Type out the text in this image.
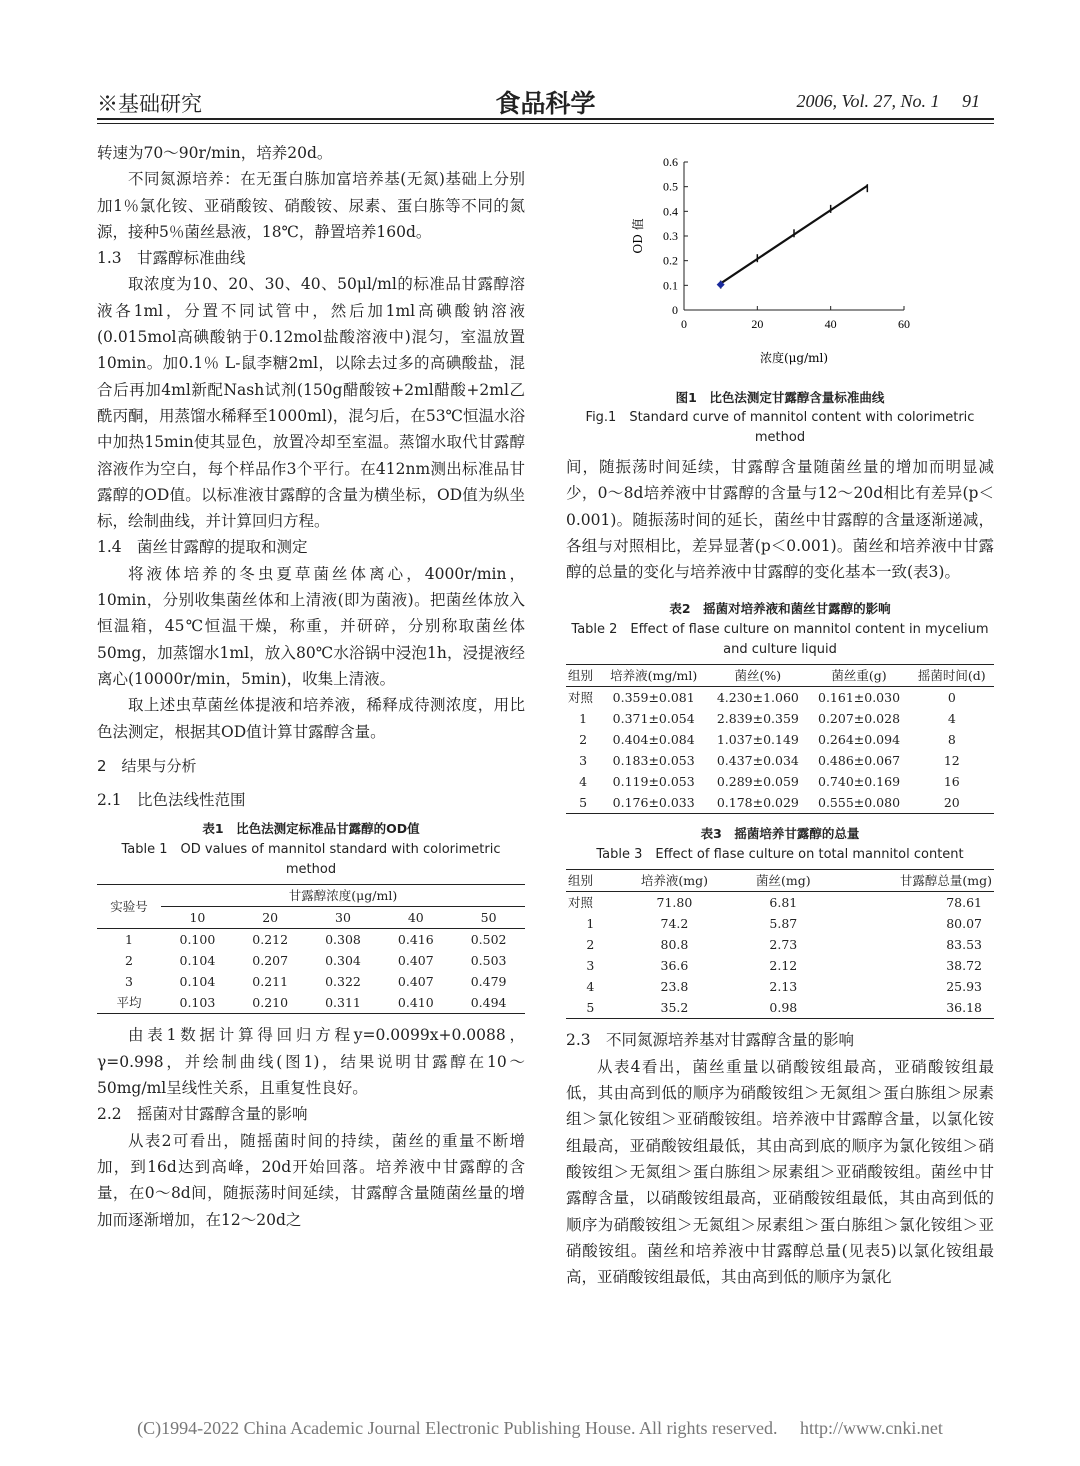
※基础研究	食品科学	2006, Vol. 27, No. 1 91

转速为70～90r/min，培养20d。

不同氮源培养：在无蛋白胨加富培养基(无氮)基础上分别加1％氯化铵、亚硝酸铵、硝酸铵、尿素、蛋白胨等不同的氮源，接种5％菌丝悬液，18℃，静置培养160d。

1.3 甘露醇标准曲线

取浓度为10、20、30、40、50μl/ml的标准品甘露醇溶液各1ml，分置不同试管中，然后加1ml高碘酸钠溶液(0.015mol高碘酸钠于0.12mol盐酸溶液中)混匀，室温放置10min。加0.1％ L-鼠李糖2ml，以除去过多的高碘酸盐，混合后再加4ml新配Nash试剂(150g醋酸铵+2ml醋酸+2ml乙酰丙酮，用蒸馏水稀释至1000ml)，混匀后，在53℃恒温水浴中加热15min使其显色，放置冷却至室温。蒸馏水取代甘露醇溶液作为空白，每个样品作3个平行。在412nm测出标准品甘露醇的OD值。以标准液甘露醇的含量为横坐标，OD值为纵坐标，绘制曲线，并计算回归方程。

1.4 菌丝甘露醇的提取和测定

将液体培养的冬虫夏草菌丝体离心，4000r/min，10min，分别收集菌丝体和上清液(即为菌液)。把菌丝体放入恒温箱，45℃恒温干燥，称重，并研碎，分别称取菌丝体50mg，加蒸馏水1ml，放入80℃水浴锅中浸泡1h，浸提液经离心(10000r/min，5min)，收集上清液。

取上述虫草菌丝体提液和培养液，稀释成待测浓度，用比色法测定，根据其OD值计算甘露醇含量。

2　结果与分析

2.1 比色法线性范围

表1　比色法测定标准品甘露醇的OD值
Table 1　OD values of mannitol standard with colorimetric method
实验号	甘露醇浓度(μg/ml)				
	10	20	30	40	50
1	0.100	0.212	0.308	0.416	0.502
2	0.104	0.207	0.304	0.407	0.503
3	0.104	0.211	0.322	0.407	0.479
平均	0.103	0.210	0.311	0.410	0.494

由表1数据计算得回归方程y=0.0099x+0.0088，γ=0.998，并绘制曲线(图1)，结果说明甘露醇在10～50mg/ml呈线性关系，且重复性良好。

2.2 摇菌对甘露醇含量的影响

从表2可看出，随摇菌时间的持续，菌丝的重量不断增加，到16d达到高峰，20d开始回落。培养液中甘露醇的含量，在0～8d间，随振荡时间延续，甘露醇含量随菌丝量的增加而逐渐增加，在12～20d之

0
0.1
0.2
0.3
0.4
0.5
0.6
0	20	40	60
浓度(μg/ml)
OD 值
图1　比色法测定甘露醇含量标准曲线
Fig.1　Standard curve of mannitol content with colorimetric method

间，随振荡时间延续，甘露醇含量随菌丝量的增加而明显减少，0～8d培养液中甘露醇的含量与12～20d相比有差异(p＜0.001)。随振荡时间的延长，菌丝中甘露醇的含量逐渐递减，各组与对照相比，差异显著(p＜0.001)。菌丝和培养液中甘露醇的总量的变化与培养液中甘露醇的变化基本一致(表3)。

表2　摇菌对培养液和菌丝甘露醇的影响
Table 2　Effect of flase culture on mannitol content in mycelium and culture liquid
组别	培养液(mg/ml)	菌丝(%)	菌丝重(g)	摇菌时间(d)
对照	0.359±0.081	4.230±1.060	0.161±0.030	0
1	0.371±0.054	2.839±0.359	0.207±0.028	4
2	0.404±0.084	1.037±0.149	0.264±0.094	8
3	0.183±0.053	0.437±0.034	0.486±0.067	12
4	0.119±0.053	0.289±0.059	0.740±0.169	16
5	0.176±0.033	0.178±0.029	0.555±0.080	20
表3　摇菌培养甘露醇的总量
Table 3　Effect of flase culture on total mannitol content
组别	培养液(mg)	菌丝(mg)	甘露醇总量(mg)
对照	71.80	6.81	78.61
1	74.2	5.87	80.07
2	80.8	2.73	83.53
3	36.6	2.12	38.72
4	23.8	2.13	25.93
5	35.2	0.98	36.18

2.3 不同氮源培养基对甘露醇含量的影响

从表4看出，菌丝重量以硝酸铵组最高，亚硝酸铵组最低，其由高到低的顺序为硝酸铵组＞无氮组＞蛋白胨组＞尿素组＞氯化铵组＞亚硝酸铵组。培养液中甘露醇含量，以氯化铵组最高，亚硝酸铵组最低，其由高到底的顺序为氯化铵组＞硝酸铵组＞无氮组＞蛋白胨组＞尿素组＞亚硝酸铵组。菌丝中甘露醇含量，以硝酸铵组最高，亚硝酸铵组最低，其由高到低的顺序为硝酸铵组＞无氮组＞尿素组＞蛋白胨组＞氯化铵组＞亚硝酸铵组。菌丝和培养液中甘露醇总量(见表5)以氯化铵组最高，亚硝酸铵组最低，其由高到低的顺序为氯化

(C)1994-2022 China Academic Journal Electronic Publishing House. All rights reserved.　 http://www.cnki.net
